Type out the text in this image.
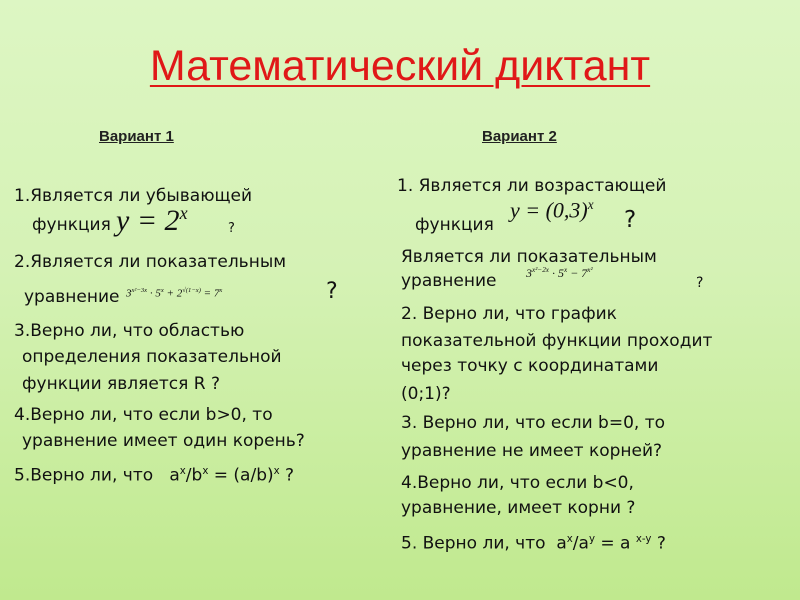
Математический диктант
Вариант 1
1.Является ли убывающей
функция $y = 2^x$
?
2.Является ли показательным
уравнение $3^{x^2-3x} \cdot 5^x + 2^{√(1-x)} = 7^x$	?
3.Верно ли, что областью
определения показательной
функции является R ?
4.Верно ли, что если b>0, то
уравнение имеет один корень?
5.Верно ли, что $a^x/b^x = (a/b)^x$ ?
Вариант 2
1. Является ли возрастающей
функция
$y = (0,3)^x$
?
Является ли показательным
уравнение $3^{x^2-2x} \cdot 5^x - 7^{x^2}$
?
2. Верно ли, что график
показательной функции проходит
через точку с координатами
(0;1)?
3. Верно ли, что если b=0, то
уравнение не имеет корней?
4.Верно ли, что если b<0,
уравнение, имеет корни ?
5. Верно ли, что $a^x/a^y = a$ $^{x-y}$ ?
